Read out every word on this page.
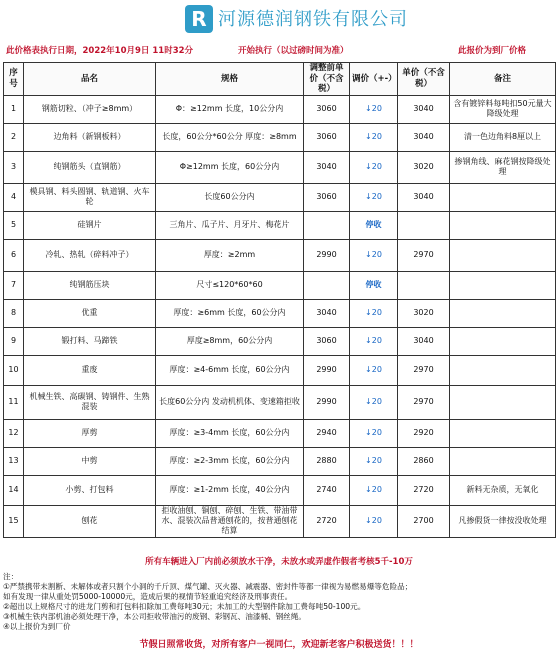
R 河源德润钢铁有限公司
此价格表执行日期，2022年10月9日 11时32分	开始执行（以过磅时间为准）	此报价为到厂价格
序号	品名	规格	调整前单价（不含税）	调价（+-）	单价（不含税）	备注
1	钢筋切粒、（冲子≥8mm）	Φ：≥12mm 长度，10公分内	3060	↓20	3040	含有镀锌料每吨扣50元量大降级处理
2	边角料（新钢板料）	长度，60公分*60公分 厚度：≥8mm	3060	↓20	3040	清一色边角料8厘以上
3	纯钢筋头（直钢筋）	Φ≥12mm 长度，60公分内	3040	↓20	3020	掺钢角线、麻花钢按降级处理
4	模具钢、料头圆钢、轨道钢、火车轮	长度60公分内	3060	↓20	3040	
5	硅钢片	三角片、瓜子片、月牙片、梅花片		停收		
6	冷轧、热轧（碎料冲子）	厚度：≥2mm	2990	↓20	2970	
7	纯钢筋压块	尺寸≤120*60*60		停收		
8	优重	厚度：≥6mm 长度，60公分内	3040	↓20	3020	
9	锻打料、马蹄铁	厚度≥8mm，60公分内	3060	↓20	3040	
10	重废	厚度：≥4-6mm 长度，60公分内	2990	↓20	2970	
11	机械生铁、高碳钢、铸钢件、生熟混装	长度60公分内 发动机机体、变速箱拒收	2990	↓20	2970	
12	厚剪	厚度：≥3-4mm 长度，60公分内	2940	↓20	2920	
13	中剪	厚度：≥2-3mm 长度，60公分内	2880	↓20	2860	
14	小剪、打包料	厚度：≥1-2mm 长度，40公分内	2740	↓20	2720	新料无杂质，无氧化
15	刨花	拒收油刨、铜刨、碎刨、生铁、带油带水、混装次品普通刨花的，按普通刨花结算	2720	↓20	2700	凡掺假货一律按没收处理
所有车辆进入厂内前必须放水干净，未放水或弄虚作假者考核5千-10万
注：
①严禁携带未割断、未解体或者只割个小洞的千斤顶、煤气罐、灭火器、减震器、密封件等都一律视为易燃易爆等危险品；
如有发现一律从重处罚5000-10000元，造成后果的视情节轻重追究经济及刑事责任。
②超出以上规格尺寸的进龙门剪和打包料扣除加工费每吨30元；未加工的大型钢件除加工费每吨50-100元。
③机械生铁内部机油必须处理干净，本公司拒收带油污的废钢、彩钢瓦、油漆桶、钢丝绳。
④以上报价为到厂价
节假日照常收货，对所有客户一视同仁，欢迎新老客户积极送货！！！
